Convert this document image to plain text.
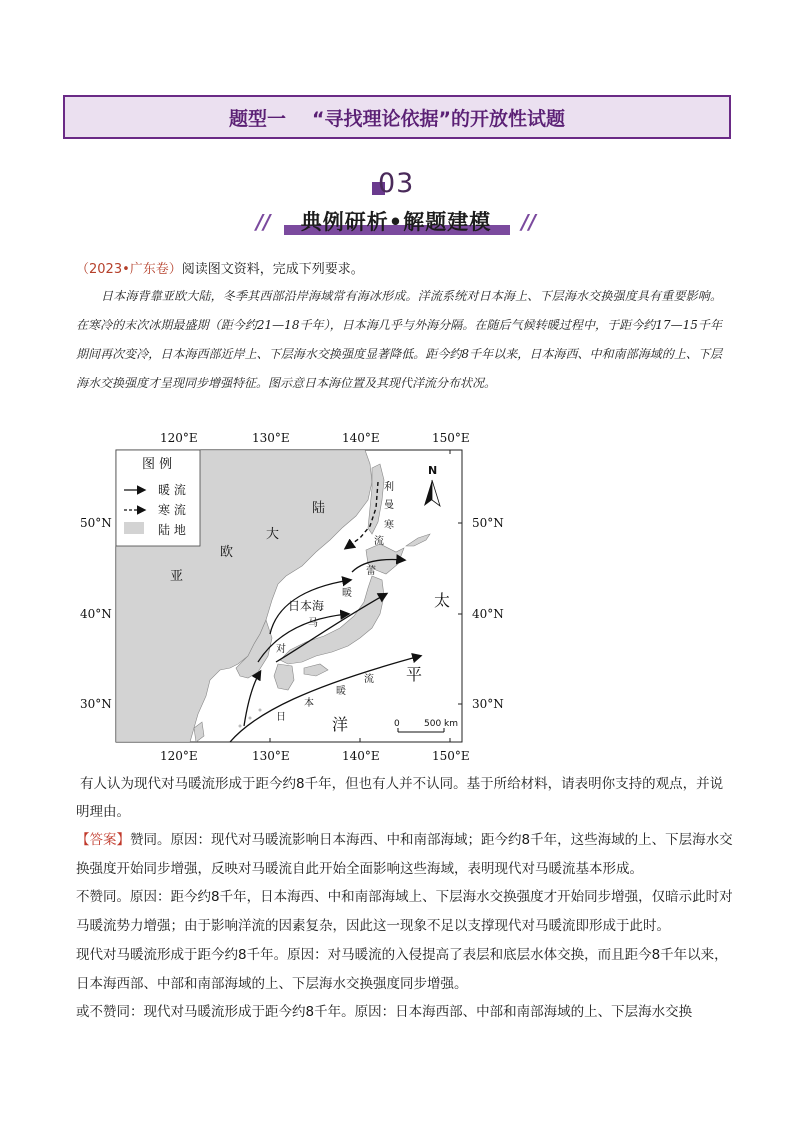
题型一 “寻找理论依据”的开放性试题
03
//	//
典例研析•解题建模
（2023•广东卷）阅读图文资料，完成下列要求。
日本海背靠亚欧大陆，冬季其西部沿岸海域常有海冰形成。洋流系统对日本海上、下层海水交换强度具有重要影响。在寒冷的末次冰期最盛期（距今约21—18千年），日本海几乎与外海分隔。在随后气候转暖过程中，于距今约17—15千年期间再次变冷，日本海西部近岸上、下层海水交换强度显著降低。距今约8千年以来，日本海西、中和南部海域的上、下层海水交换强度才呈现同步增强特征。图示意日本海位置及其现代洋流分布状况。
120°E	130°E	140°E	150°E
120°E	130°E	140°E	150°E
50°N
40°N
30°N
50°N
40°N
30°N
图 例
暖 流
寒 流
陆 地	大
陆
欧
亚
太
平
洋
日本海
利
曼
寒
流
蕾
暖
马
对
日
本
暖
流
N
0	500 km
有人认为现代对马暖流形成于距今约8千年，但也有人并不认同。基于所给材料，请表明你支持的观点，并说明理由。

【答案】赞同。原因：现代对马暖流影响日本海西、中和南部海域；距今约8千年，这些海域的上、下层海水交换强度开始同步增强，反映对马暖流自此开始全面影响这些海域，表明现代对马暖流基本形成。

不赞同。原因：距今约8千年，日本海西、中和南部海域上、下层海水交换强度才开始同步增强，仅暗示此时对马暖流势力增强；由于影响洋流的因素复杂，因此这一现象不足以支撑现代对马暖流即形成于此时。

现代对马暖流形成于距今约8千年。原因：对马暖流的入侵提高了表层和底层水体交换，而且距今8千年以来，日本海西部、中部和南部海域的上、下层海水交换强度同步增强。

或不赞同：现代对马暖流形成于距今约8千年。原因：日本海西部、中部和南部海域的上、下层海水交换
